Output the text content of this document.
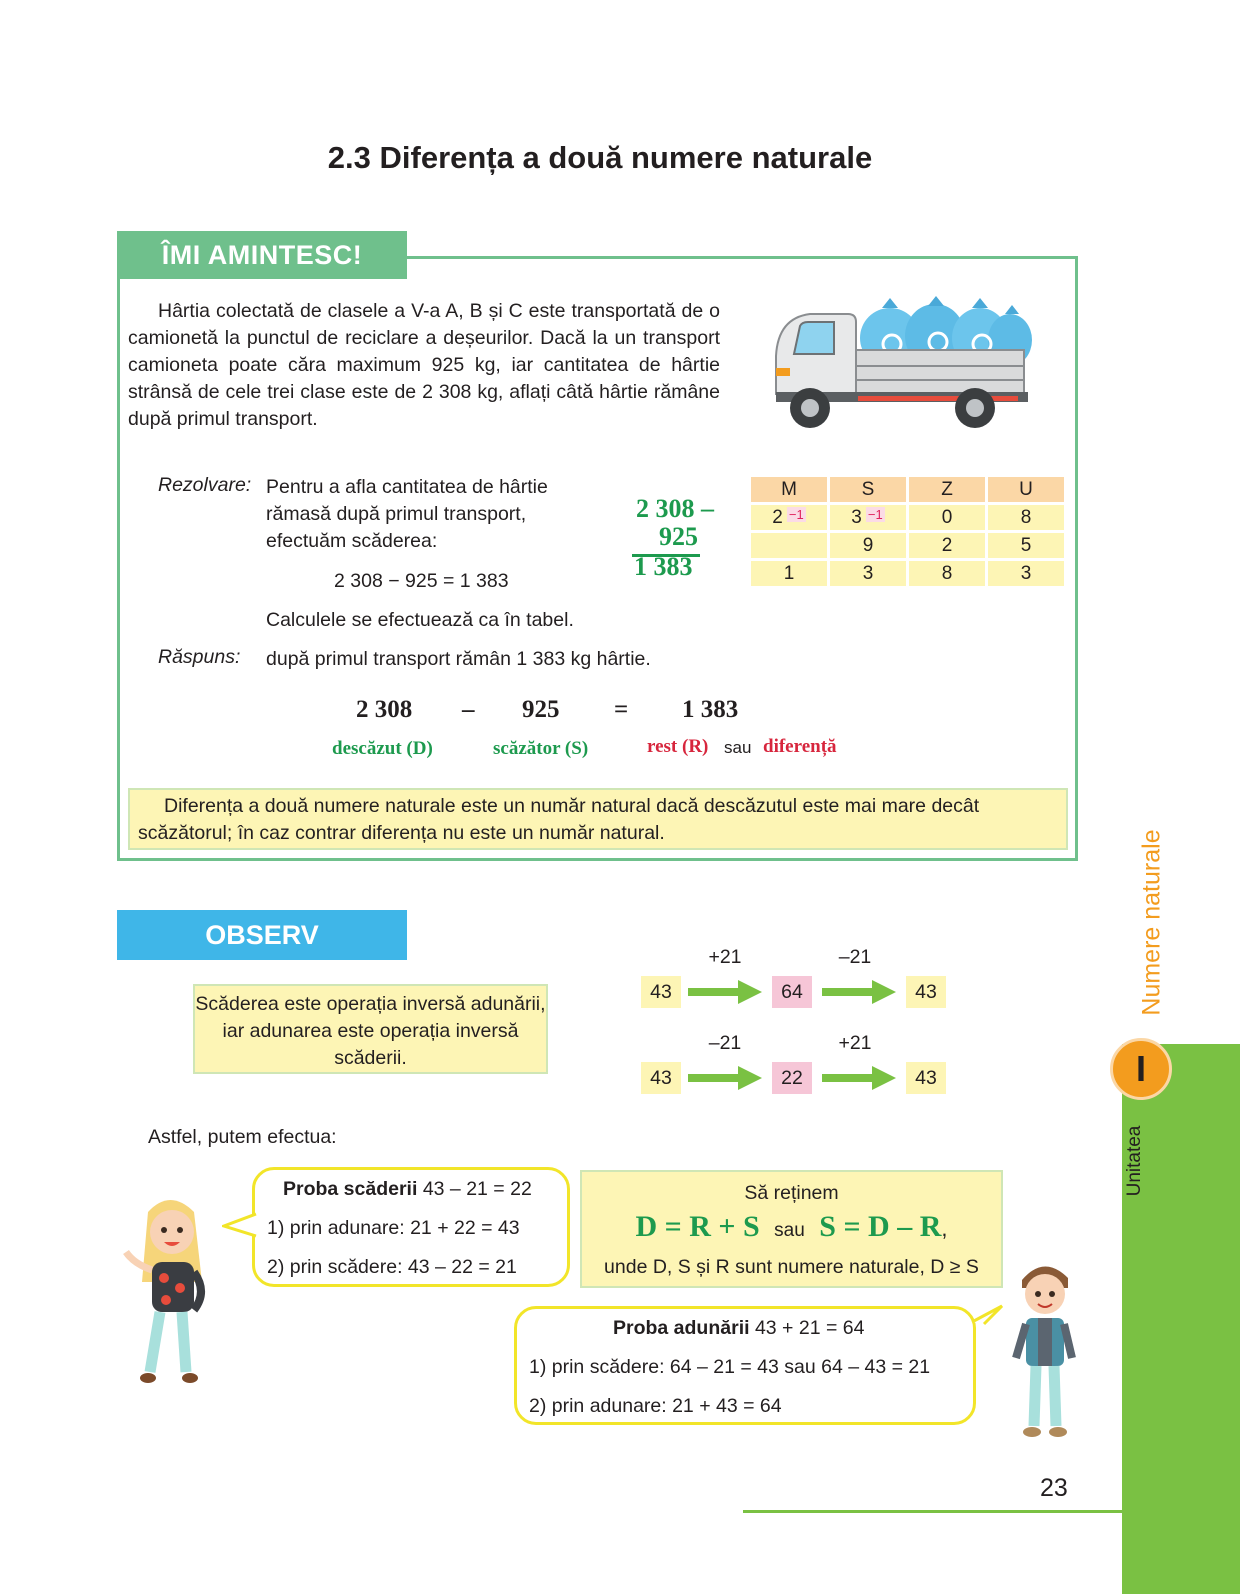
2.3 Diferența a două numere naturale
ÎMI AMINTESC!
Hârtia colectată de clasele a V-a A, B și C este transportată de o camionetă la punctul de reciclare a deșeurilor. Dacă la un transport camioneta poate căra maximum 925 kg, iar cantitatea de hârtie strânsă de cele trei clase este de 2 308 kg, aflați câtă hârtie rămâne după primul transport.
Rezolvare: Pentru a afla cantitatea de hârtie rămasă după primul transport, efectuăm scăderea:
2 308 − 925 = 1 383
Calculele se efectuează ca în tabel.
Răspuns: după primul transport rămân 1 383 kg hârtie.
2 308 –
925
1 383
M	S	Z	U
2 $^{-1}$	3 $^{-1}$	0	8
	9	2	5
1	3	8	3
2 308 – 925 = 1 383
descăzut (D)	scăzător (S)	rest (R) sau diferență
Diferența a două numere naturale este un număr natural dacă descăzutul este mai mare decât scăzătorul; în caz contrar diferența nu este un număr natural.
OBSERV
Scăderea este operația inversă adunării, iar adunarea este operația inversă scăderii.
+21	–21
43	64	43
–21	+21
43	22	43
Astfel, putem efectua:
Proba scăderii 43 – 21 = 22
1) prin adunare: 21 + 22 = 43
2) prin scădere: 43 – 22 = 21
Să reținem
D = R + S sau S = D – R,
unde D, S și R sunt numere naturale, D ≥ S
Proba adunării 43 + 21 = 64
1) prin scădere: 64 – 21 = 43 sau 64 – 43 = 21
2) prin adunare: 21 + 43 = 64
Unitatea
I
Numere naturale
23
